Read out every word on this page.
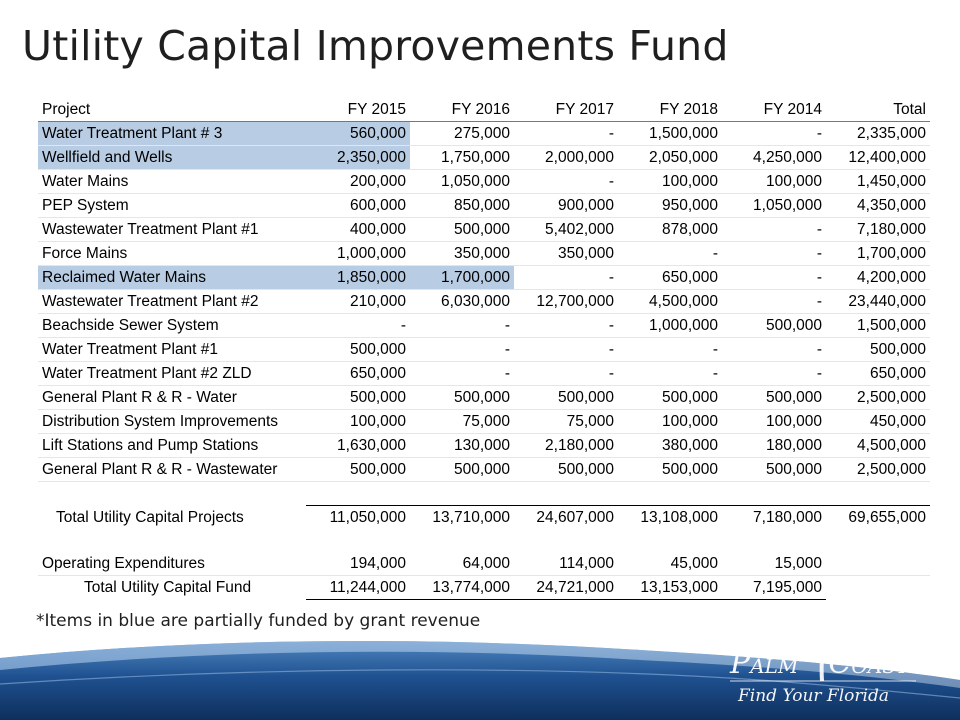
Utility Capital Improvements Fund
Project	FY 2015	FY 2016	FY 2017	FY 2018	FY 2014	Total
Water Treatment Plant # 3	560,000	275,000	-	1,500,000	-	2,335,000
Wellfield and Wells	2,350,000	1,750,000	2,000,000	2,050,000	4,250,000	12,400,000
Water Mains	200,000	1,050,000	-	100,000	100,000	1,450,000
PEP System	600,000	850,000	900,000	950,000	1,050,000	4,350,000
Wastewater Treatment Plant #1	400,000	500,000	5,402,000	878,000	-	7,180,000
Force Mains	1,000,000	350,000	350,000	-	-	1,700,000
Reclaimed Water Mains	1,850,000	1,700,000	-	650,000	-	4,200,000
Wastewater Treatment Plant #2	210,000	6,030,000	12,700,000	4,500,000	-	23,440,000
Beachside Sewer System	-	-	-	1,000,000	500,000	1,500,000
Water Treatment Plant #1	500,000	-	-	-	-	500,000
Water Treatment Plant #2 ZLD	650,000	-	-	-	-	650,000
General Plant R & R - Water	500,000	500,000	500,000	500,000	500,000	2,500,000
Distribution System Improvements	100,000	75,000	75,000	100,000	100,000	450,000
Lift Stations and Pump Stations	1,630,000	130,000	2,180,000	380,000	180,000	4,500,000
General Plant R & R - Wastewater	500,000	500,000	500,000	500,000	500,000	2,500,000

Total Utility Capital Projects	11,050,000	13,710,000	24,607,000	13,108,000	7,180,000	69,655,000

Operating Expenditures	194,000	64,000	114,000	45,000	15,000	
Total Utility Capital Fund	11,244,000	13,774,000	24,721,000	13,153,000	7,195,000	
*Items in blue are partially funded by grant revenue
PALM COAST
Find Your Florida
